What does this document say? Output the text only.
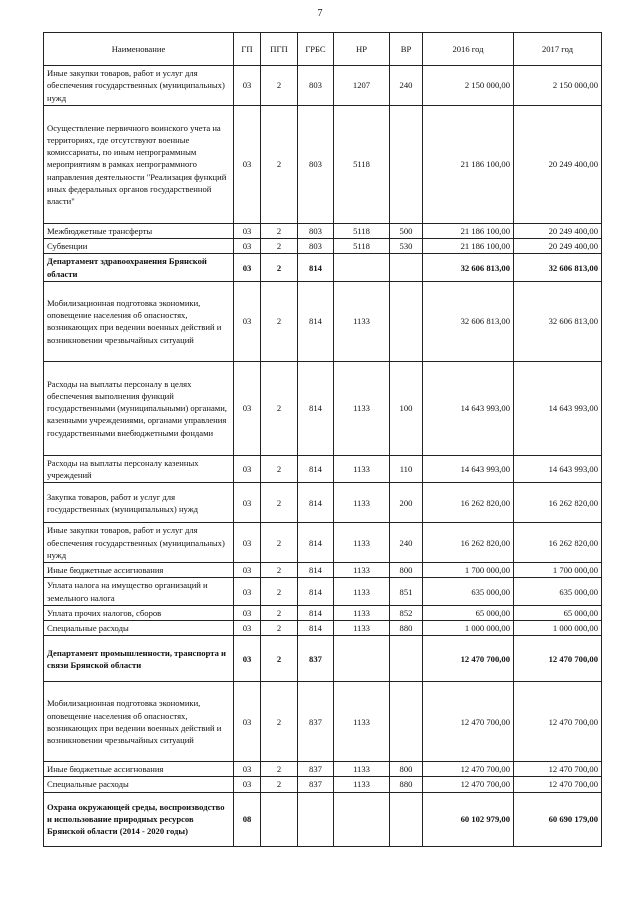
7
Наименование	ГП	ПГП	ГРБС	НР	ВР	2016 год	2017 год
Иные закупки товаров, работ и услуг для обеспечения государственных (муниципальных) нужд	03	2	803	1207	240	2 150 000,00	2 150 000,00
Осуществление первичного воинского учета на территориях, где отсутствуют военные комиссариаты, по иным непрограммным мероприятиям в рамках непрограммного направления деятельности "Реализация функций иных федеральных органов государственной власти"	03	2	803	5118		21 186 100,00	20 249 400,00
Межбюджетные трансферты	03	2	803	5118	500	21 186 100,00	20 249 400,00
Субвенции	03	2	803	5118	530	21 186 100,00	20 249 400,00
Департамент здравоохранения Брянской области	03	2	814			32 606 813,00	32 606 813,00
Мобилизационная подготовка экономики, оповещение населения об опасностях, возникающих при ведении военных действий и возникновении чрезвычайных ситуаций	03	2	814	1133		32 606 813,00	32 606 813,00
Расходы на выплаты персоналу в целях обеспечения выполнения функций государственными (муниципальными) органами, казенными учреждениями, органами управления государственными внебюджетными фондами	03	2	814	1133	100	14 643 993,00	14 643 993,00
Расходы на выплаты персоналу казенных учреждений	03	2	814	1133	110	14 643 993,00	14 643 993,00
Закупка товаров, работ и услуг для государственных (муниципальных) нужд	03	2	814	1133	200	16 262 820,00	16 262 820,00
Иные закупки товаров, работ и услуг для обеспечения государственных (муниципальных) нужд	03	2	814	1133	240	16 262 820,00	16 262 820,00
Иные бюджетные ассигнования	03	2	814	1133	800	1 700 000,00	1 700 000,00
Уплата налога на имущество организаций и земельного налога	03	2	814	1133	851	635 000,00	635 000,00
Уплата прочих налогов, сборов	03	2	814	1133	852	65 000,00	65 000,00
Специальные расходы	03	2	814	1133	880	1 000 000,00	1 000 000,00
Департамент промышленности, транспорта и связи Брянской области	03	2	837			12 470 700,00	12 470 700,00
Мобилизационная подготовка экономики, оповещение населения об опасностях, возникающих при ведении военных действий и возникновении чрезвычайных ситуаций	03	2	837	1133		12 470 700,00	12 470 700,00
Иные бюджетные ассигнования	03	2	837	1133	800	12 470 700,00	12 470 700,00
Специальные расходы	03	2	837	1133	880	12 470 700,00	12 470 700,00
Охрана окружающей среды, воспроизводство и использование природных ресурсов Брянской области (2014 - 2020 годы)	08					60 102 979,00	60 690 179,00
